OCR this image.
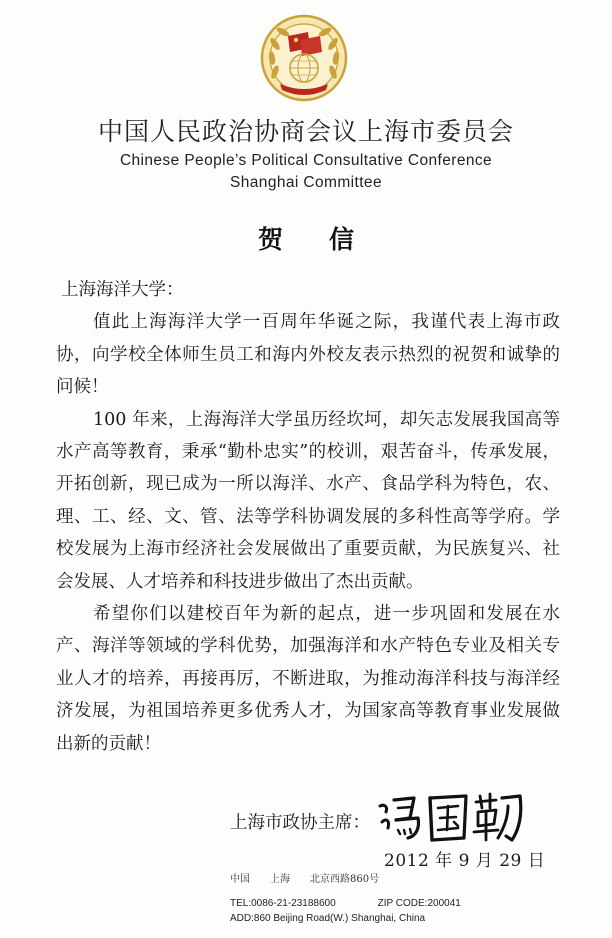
中国人民政治协商会议上海市委员会
Chinese People’s Political Consultative Conference
Shanghai Committee
贺信

上海海洋大学：

值此上海海洋大学一百周年华诞之际，我谨代表上海市政协，向学校全体师生员工和海内外校友表示热烈的祝贺和诚挚的问候！

100 年来，上海海洋大学虽历经坎坷，却矢志发展我国高等水产高等教育，秉承“勤朴忠实”的校训，艰苦奋斗，传承发展，开拓创新，现已成为一所以海洋、水产、食品学科为特色，农、理、工、经、文、管、法等学科协调发展的多科性高等学府。学校发展为上海市经济社会发展做出了重要贡献，为民族复兴、社会发展、人才培养和科技进步做出了杰出贡献。

希望你们以建校百年为新的起点，进一步巩固和发展在水产、海洋等领域的学科优势，加强海洋和水产特色专业及相关专业人才的培养，再接再厉，不断进取，为推动海洋科技与海洋经济发展，为祖国培养更多优秀人才，为国家高等教育事业发展做出新的贡献！

上海市政协主席：
2012 年 9 月 29 日
中国　　上海　　北京西路860号
TEL:0086-21-23188600	ZIP CODE:200041
ADD:860 Beijing Road(W.) Shanghai, China
